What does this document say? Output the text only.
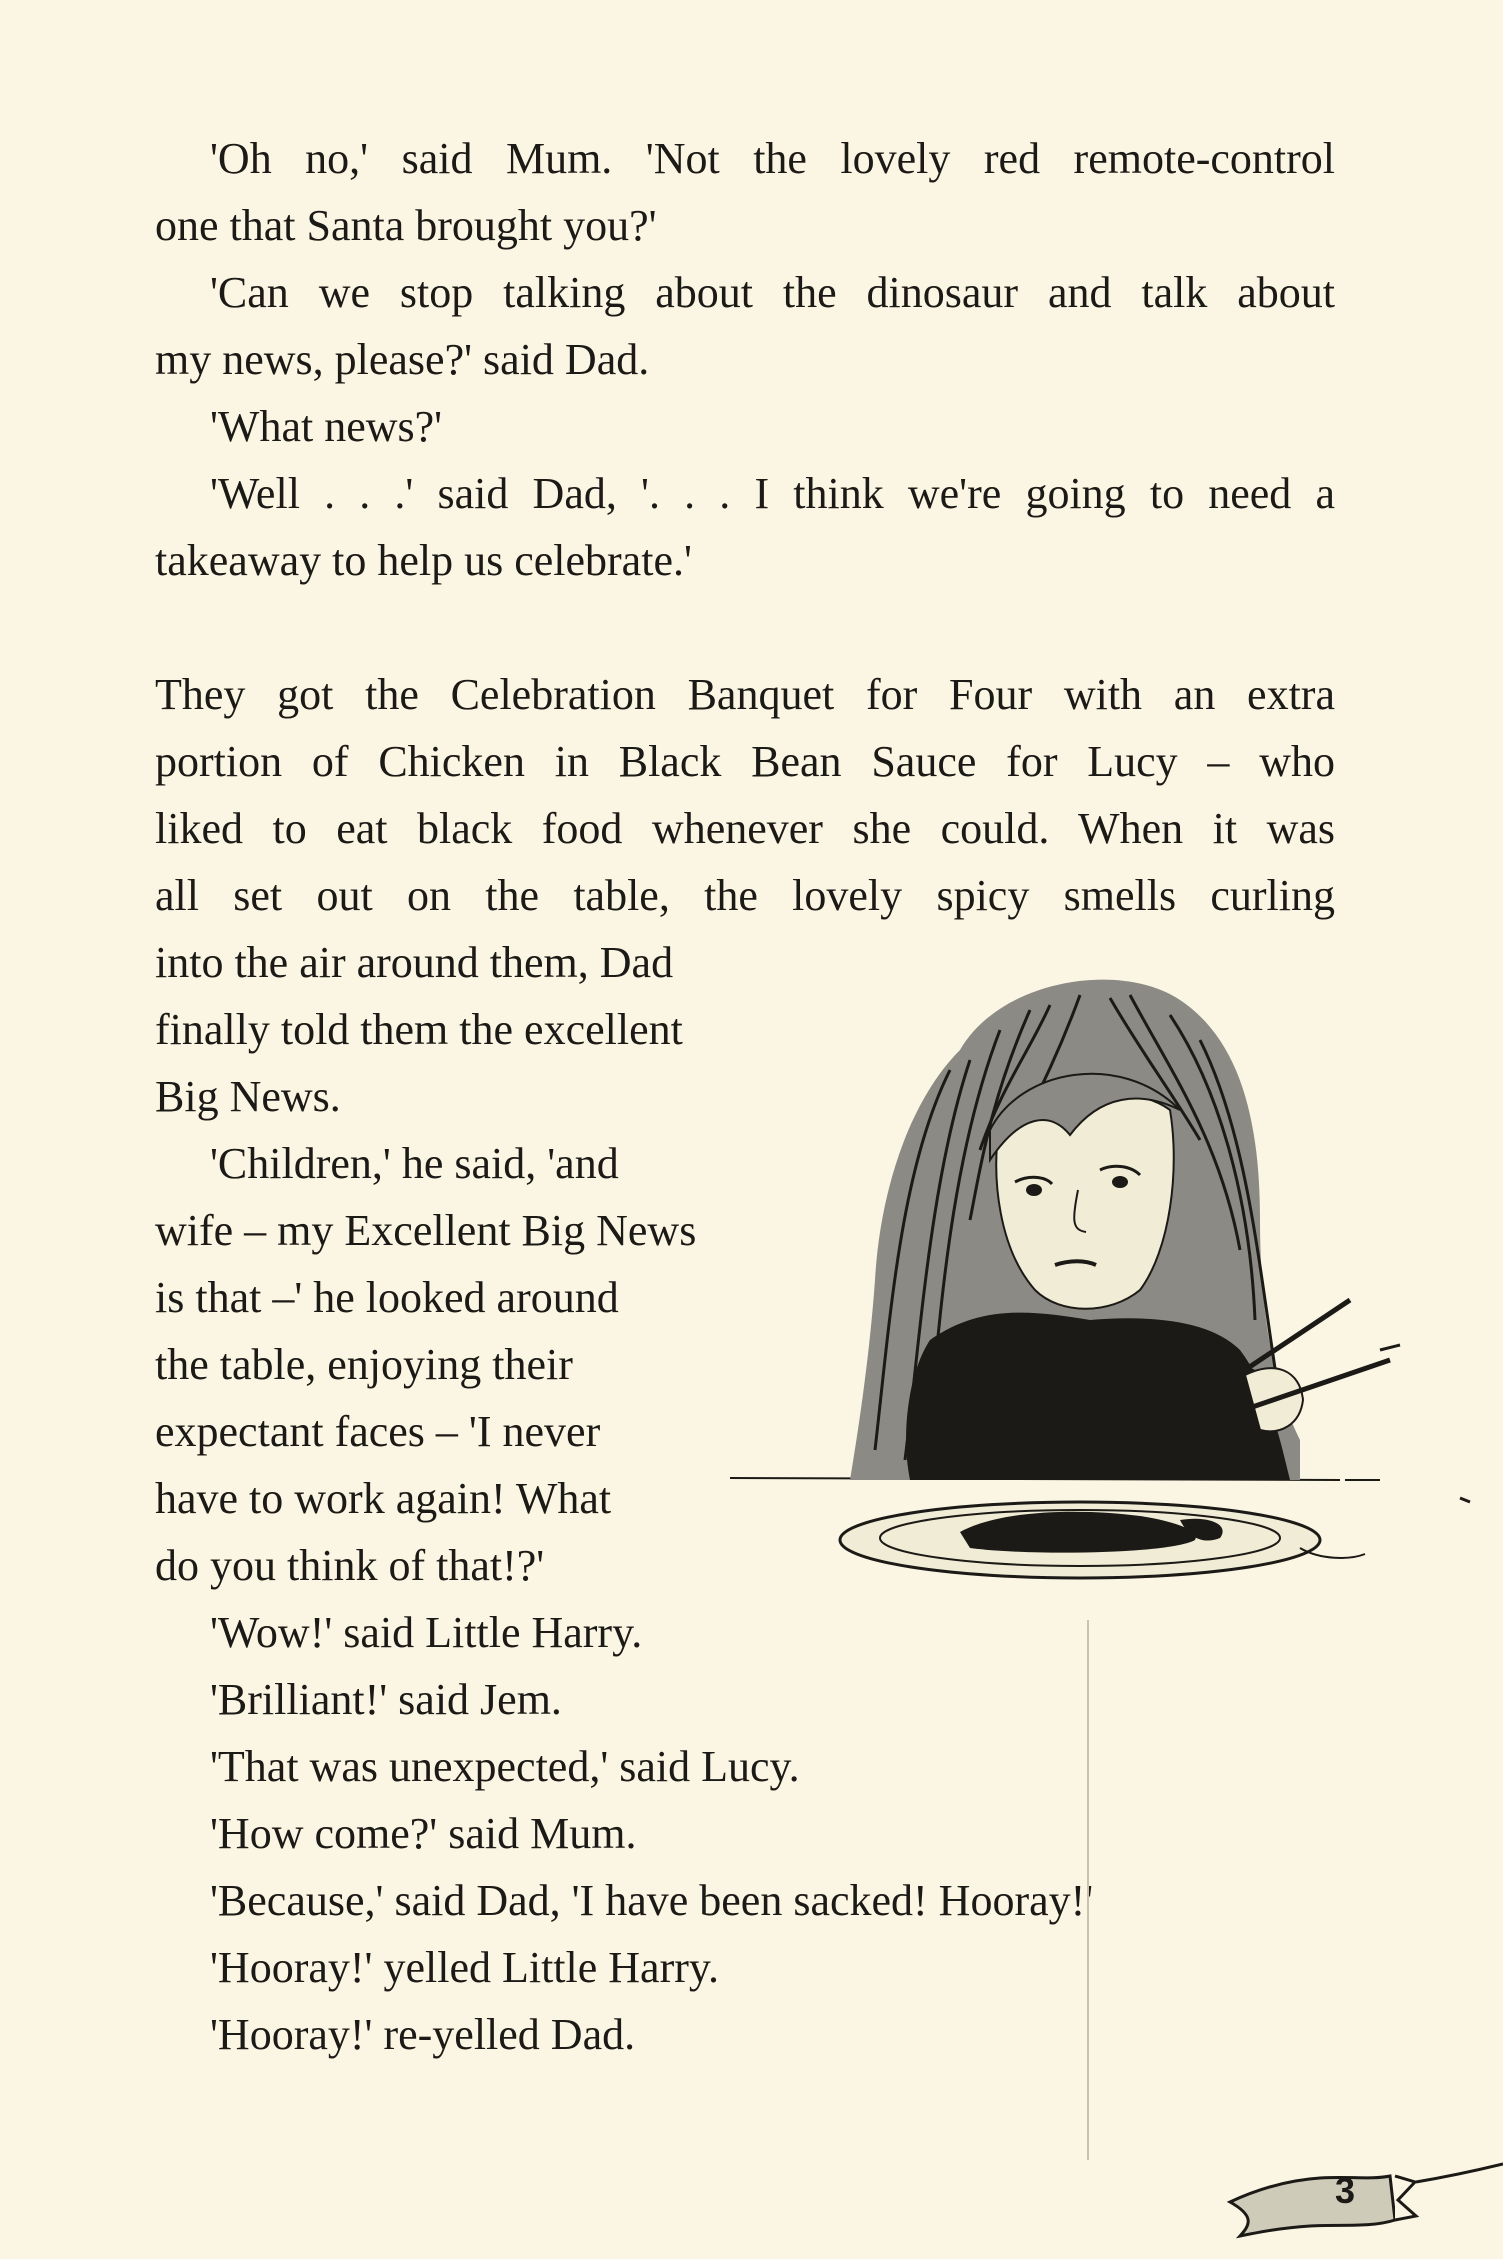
'Oh no,' said Mum. 'Not the lovely red remote-control
one that Santa brought you?'
'Can we stop talking about the dinosaur and talk about
my news, please?' said Dad.
'What news?'
'Well . . .' said Dad, '. . . I think we're going to need a
takeaway to help us celebrate.'
They got the Celebration Banquet for Four with an extra
portion of Chicken in Black Bean Sauce for Lucy – who
liked to eat black food whenever she could. When it was
all set out on the table, the lovely spicy smells curling
into the air around them, Dad
finally told them the excellent
Big News.
'Children,' he said, 'and
wife – my Excellent Big News
is that –' he looked around
the table, enjoying their
expectant faces – 'I never
have to work again! What
do you think of that!?'
'Wow!' said Little Harry.
'Brilliant!' said Jem.
'That was unexpected,' said Lucy.
'How come?' said Mum.
'Because,' said Dad, 'I have been sacked! Hooray!'
'Hooray!' yelled Little Harry.
'Hooray!' re-yelled Dad.
3
